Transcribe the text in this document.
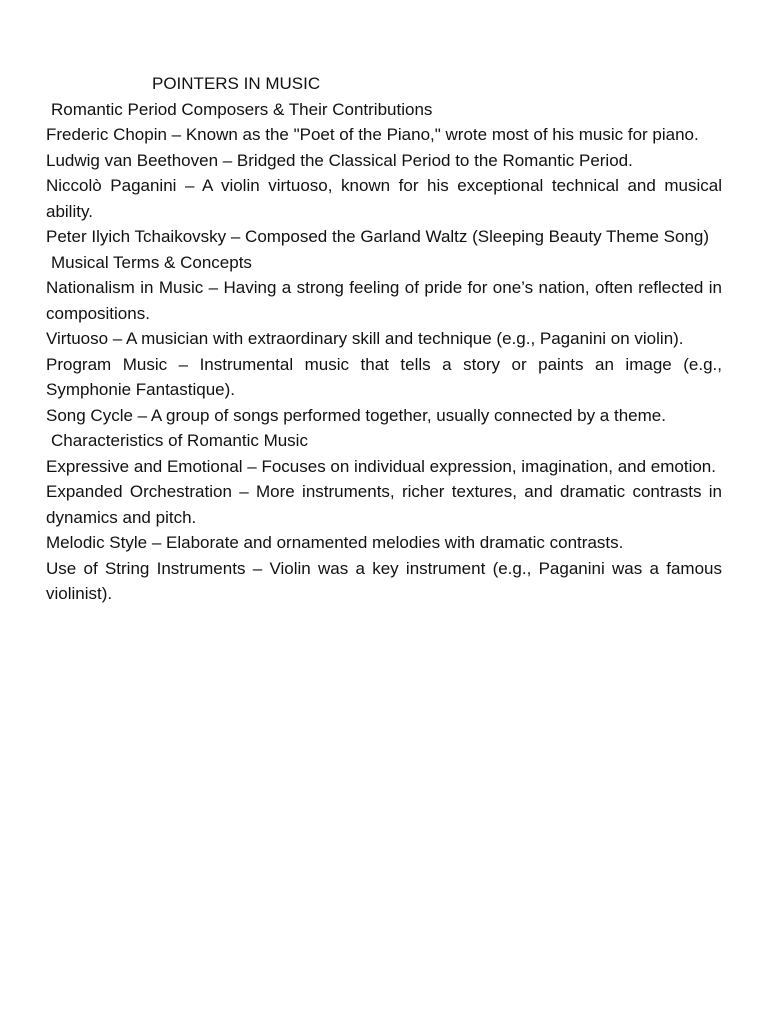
POINTERS IN MUSIC
Romantic Period Composers & Their Contributions

Frederic Chopin – Known as the "Poet of the Piano," wrote most of his music for piano.

Ludwig van Beethoven – Bridged the Classical Period to the Romantic Period.

Niccolò Paganini – A violin virtuoso, known for his exceptional technical and musical ability.

Peter Ilyich Tchaikovsky – Composed the Garland Waltz (Sleeping Beauty Theme Song)

Musical Terms & Concepts

Nationalism in Music – Having a strong feeling of pride for one’s nation, often reflected in compositions.

Virtuoso – A musician with extraordinary skill and technique (e.g., Paganini on violin).

Program Music – Instrumental music that tells a story or paints an image (e.g., Symphonie Fantastique).

Song Cycle – A group of songs performed together, usually connected by a theme.

Characteristics of Romantic Music

Expressive and Emotional – Focuses on individual expression, imagination, and emotion.

Expanded Orchestration – More instruments, richer textures, and dramatic contrasts in dynamics and pitch.

Melodic Style – Elaborate and ornamented melodies with dramatic contrasts.

Use of String Instruments – Violin was a key instrument (e.g., Paganini was a famous violinist).
